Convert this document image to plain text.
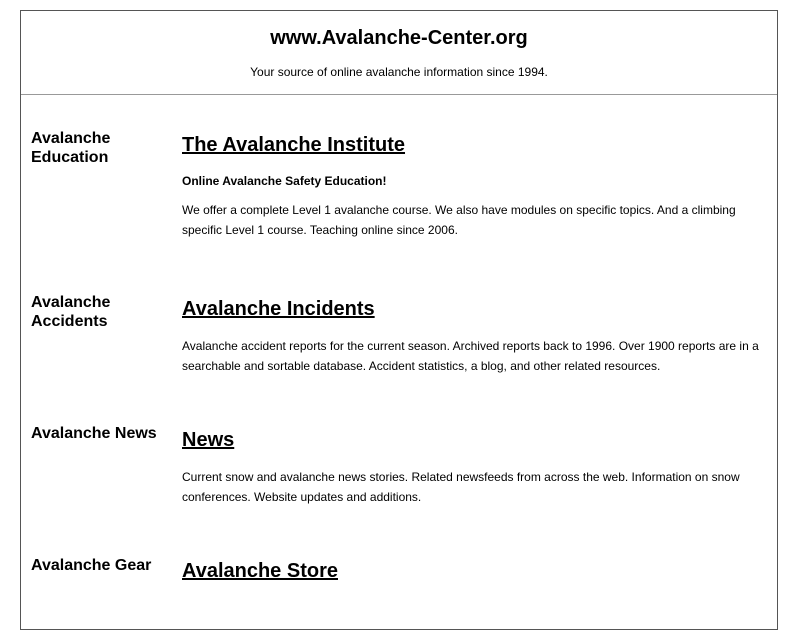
www.Avalanche-Center.org

Your source of online avalanche information since 1994.

Avalanche Education
The Avalanche Institute

Online Avalanche Safety Education!

We offer a complete Level 1 avalanche course. We also have modules on specific topics. And a climbing specific Level 1 course. Teaching online since 2006.

Avalanche Accidents
Avalanche Incidents

Avalanche accident reports for the current season. Archived reports back to 1996. Over 1900 reports are in a searchable and sortable database. Accident statistics, a blog, and other related resources.

Avalanche News	News

Current snow and avalanche news stories. Related newsfeeds from across the web. Information on snow conferences. Website updates and additions.

Avalanche Gear	Avalanche Store
